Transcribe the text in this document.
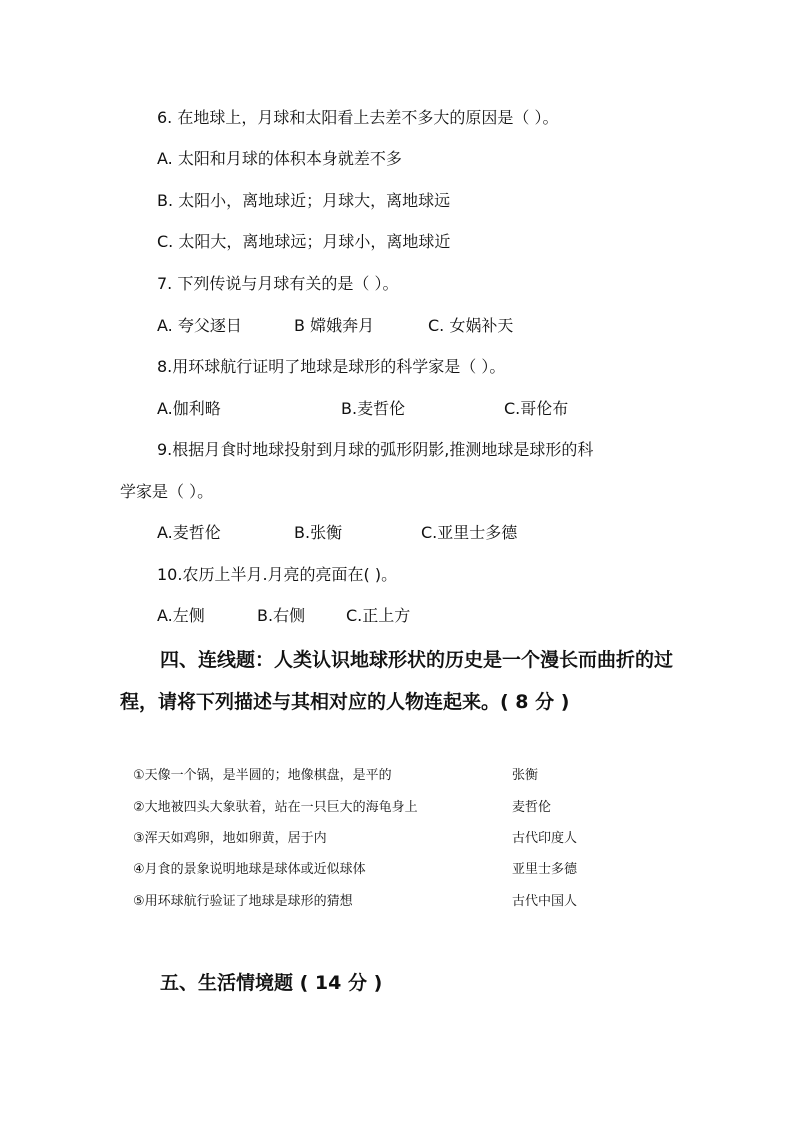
6. 在地球上，月球和太阳看上去差不多大的原因是（ ）。
A. 太阳和月球的体积本身就差不多
B. 太阳小，离地球近；月球大，离地球远
C. 太阳大，离地球远；月球小，离地球近
7. 下列传说与月球有关的是（ ）。
A. 夸父逐日	B 嫦娥奔月	C. 女娲补天
8.用环球航行证明了地球是球形的科学家是（ ）。
A.伽利略	B.麦哲伦	C.哥伦布
9.根据月食时地球投射到月球的弧形阴影,推测地球是球形的科
学家是（ ）。
A.麦哲伦	B.张衡	C.亚里士多德
10.农历上半月.月亮的亮面在( )。
A.左侧	B.右侧	C.正上方
四、连线题：人类认识地球形状的历史是一个漫长而曲折的过
程，请将下列描述与其相对应的人物连起来。( 8 分 )
①天像一个锅，是半圆的；地像棋盘，是平的	张衡
②大地被四头大象驮着，站在一只巨大的海龟身上	麦哲伦
③浑天如鸡卵，地如卵黄，居于内	古代印度人
④月食的景象说明地球是球体或近似球体	亚里士多德
⑤用环球航行验证了地球是球形的猜想	古代中国人
五、生活情境题 ( 14 分 )
